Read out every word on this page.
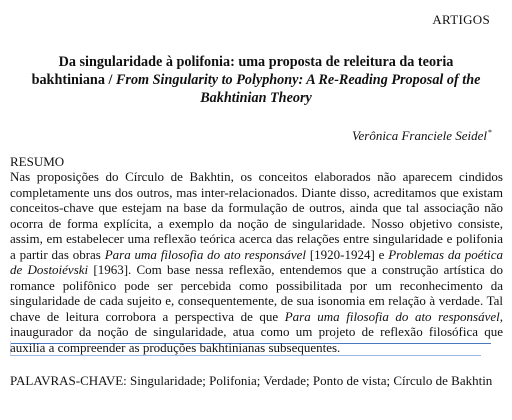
ARTIGOS
Da singularidade à polifonia: uma proposta de releitura da teoria bakhtiniana / From Singularity to Polyphony: A Re-Reading Proposal of the Bakhtinian Theory
Verônica Franciele Seidel*
RESUMO
Nas proposições do Círculo de Bakhtin, os conceitos elaborados não aparecem cindidos completamente uns dos outros, mas inter-relacionados. Diante disso, acreditamos que existam conceitos-chave que estejam na base da formulação de outros, ainda que tal associação não ocorra de forma explícita, a exemplo da noção de singularidade. Nosso objetivo consiste, assim, em estabelecer uma reflexão teórica acerca das relações entre singularidade e polifonia a partir das obras Para uma filosofia do ato responsável [1920-1924] e Problemas da poética de Dostoiévski [1963]. Com base nessa reflexão, entendemos que a construção artística do romance polifônico pode ser percebida como possibilitada por um reconhecimento da singularidade de cada sujeito e, consequentemente, de sua isonomia em relação à verdade. Tal chave de leitura corrobora a perspectiva de que Para uma filosofia do ato responsável, inaugurador da noção de singularidade, atua como um projeto de reflexão filosófica que auxilia a compreender as produções bakhtinianas subsequentes.
PALAVRAS-CHAVE: Singularidade; Polifonia; Verdade; Ponto de vista; Círculo de Bakhtin
